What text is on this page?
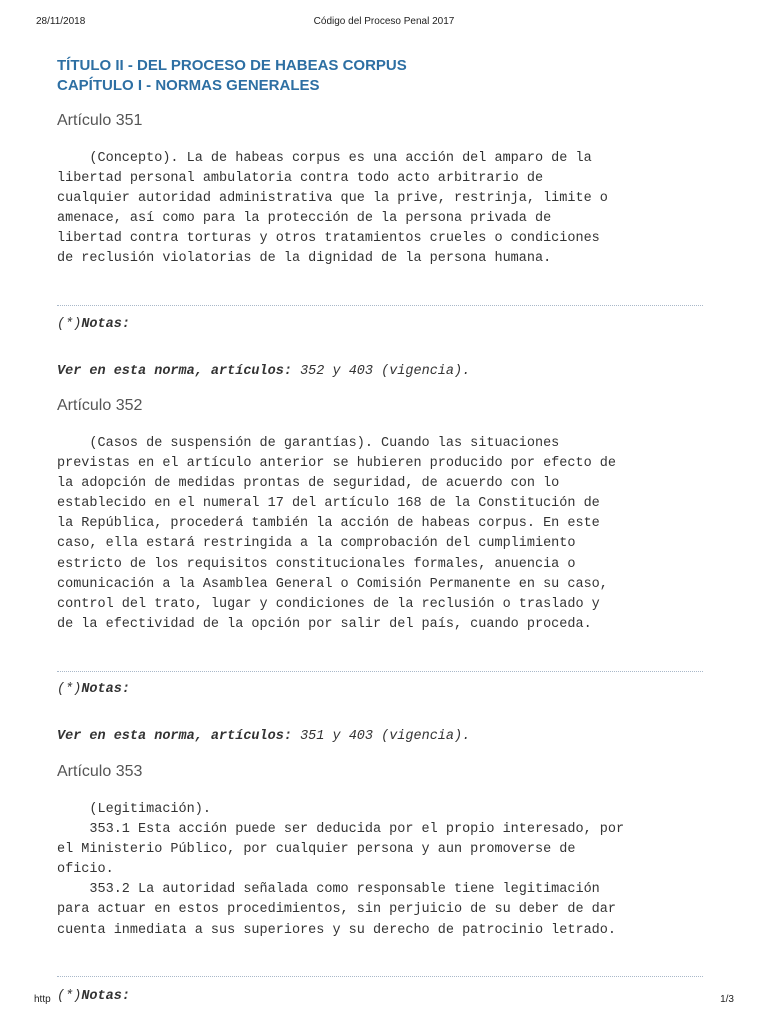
28/11/2018	Código del Proceso Penal 2017
TÍTULO II - DEL PROCESO DE HABEAS CORPUS
CAPÍTULO I - NORMAS GENERALES
Artículo 351
(Concepto). La de habeas corpus es una acción del amparo de la
libertad personal ambulatoria contra todo acto arbitrario de
cualquier autoridad administrativa que la prive, restrinja, limite o
amenace, así como para la protección de la persona privada de
libertad contra torturas y otros tratamientos crueles o condiciones
de reclusión violatorias de la dignidad de la persona humana.
(*)Notas:
Ver en esta norma, artículos: 352 y 403 (vigencia).
Artículo 352
(Casos de suspensión de garantías). Cuando las situaciones
previstas en el artículo anterior se hubieren producido por efecto de
la adopción de medidas prontas de seguridad, de acuerdo con lo
establecido en el numeral 17 del artículo 168 de la Constitución de
la República, procederá también la acción de habeas corpus. En este
caso, ella estará restringida a la comprobación del cumplimiento
estricto de los requisitos constitucionales formales, anuencia o
comunicación a la Asamblea General o Comisión Permanente en su caso,
control del trato, lugar y condiciones de la reclusión o traslado y
de la efectividad de la opción por salir del país, cuando proceda.
(*)Notas:
Ver en esta norma, artículos: 351 y 403 (vigencia).
Artículo 353
(Legitimación).
353.1 Esta acción puede ser deducida por el propio interesado, por
el Ministerio Público, por cualquier persona y aun promoverse de
oficio.
353.2 La autoridad señalada como responsable tiene legitimación
para actuar en estos procedimientos, sin perjuicio de su deber de dar
cuenta inmediata a sus superiores y su derecho de patrocinio letrado.
(*)Notas:
http	1/3
